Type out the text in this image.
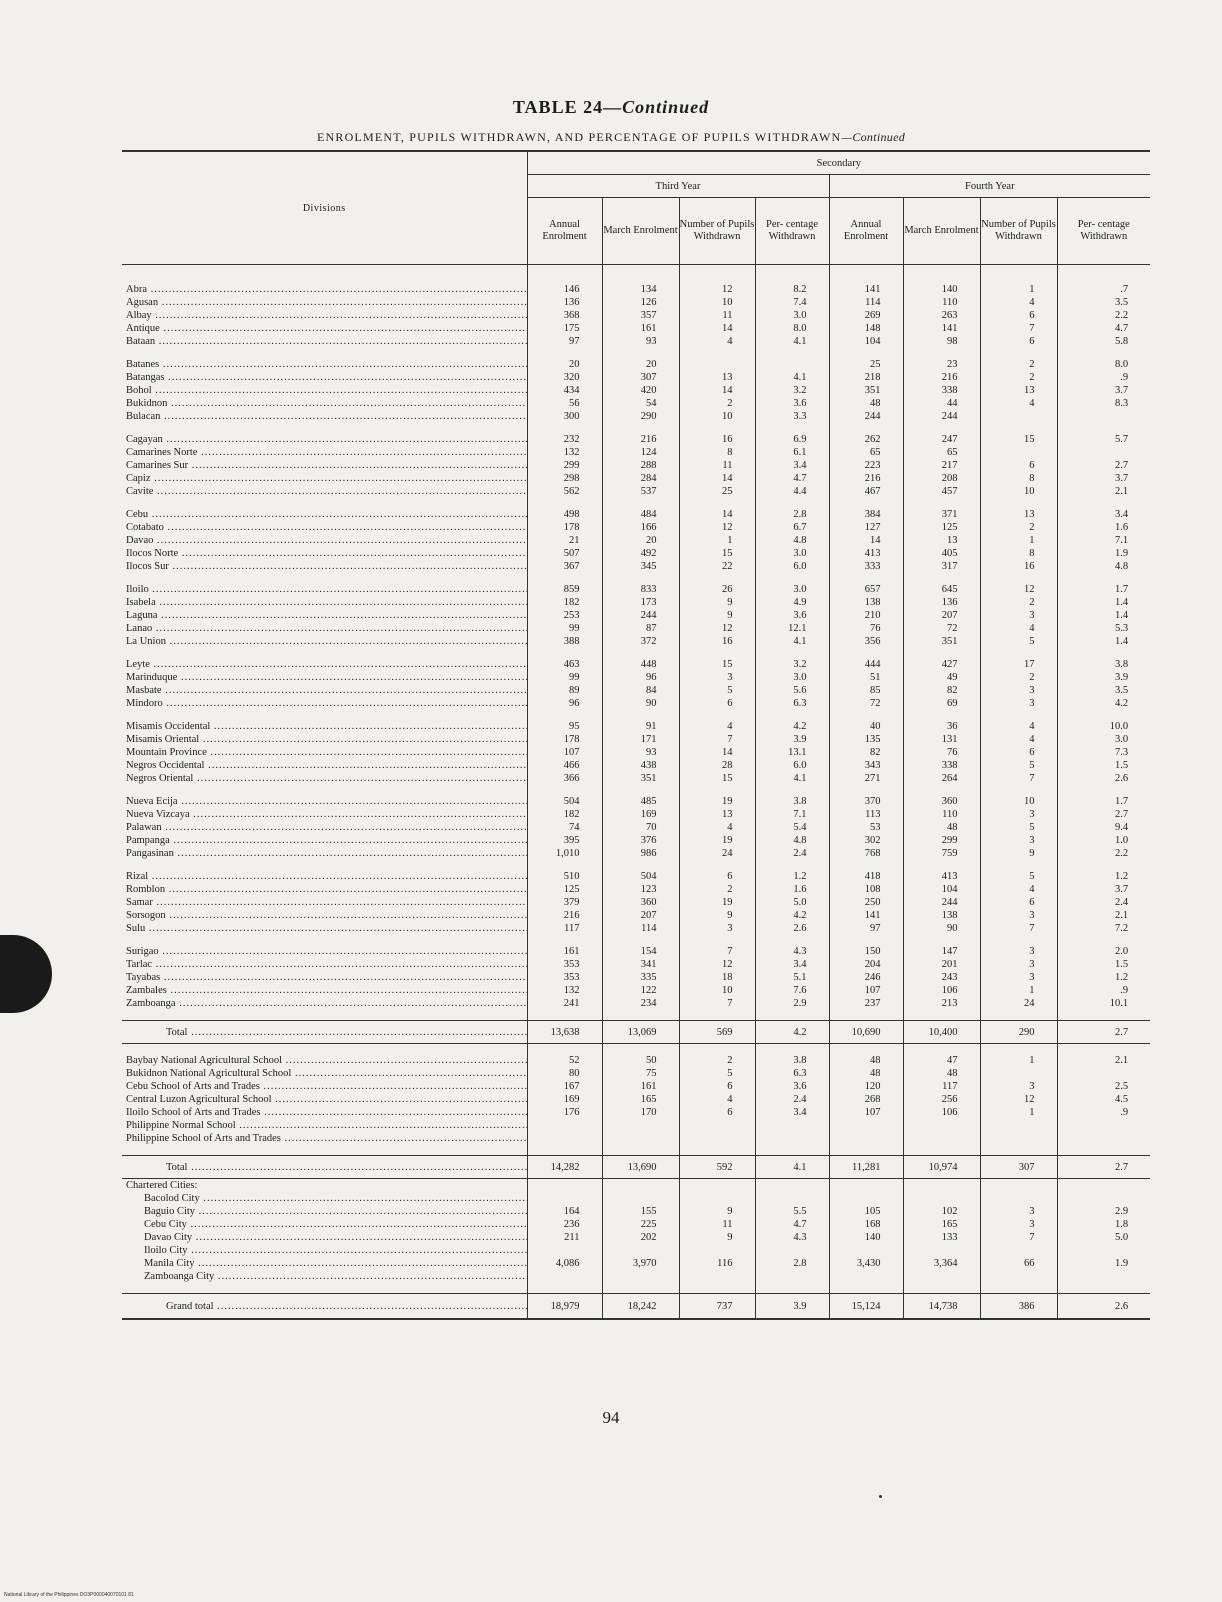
TABLE 24—Continued
ENROLMENT, PUPILS WITHDRAWN, AND PERCENTAGE OF PUPILS WITHDRAWN—Continued
Divisions	Secondary							
	Third Year				Fourth Year			
	Annual Enrolment	March Enrolment	Number of Pupils Withdrawn	Per- centage Withdrawn	Annual Enrolment	March Enrolment	Number of Pupils Withdrawn	Per- centage Withdrawn

Abra .....	146	134	12	8.2	141	140	1	.7
Agusan .....	136	126	10	7.4	114	110	4	3.5
Albay .....	368	357	11	3.0	269	263	6	2.2
Antique .....	175	161	14	8.0	148	141	7	4.7
Bataan .....	97	93	4	4.1	104	98	6	5.8

Batanes .....	20	20			25	23	2	8.0
Batangas .....	320	307	13	4.1	218	216	2	.9
Bohol .....	434	420	14	3.2	351	338	13	3.7
Bukidnon .....	56	54	2	3.6	48	44	4	8.3
Bulacan .....	300	290	10	3.3	244	244		

Cagayan .....	232	216	16	6.9	262	247	15	5.7
Camarines Norte .....	132	124	8	6.1	65	65		
Camarines Sur .....	299	288	11	3.4	223	217	6	2.7
Capiz .....	298	284	14	4.7	216	208	8	3.7
Cavite .....	562	537	25	4.4	467	457	10	2.1

Cebu .....	498	484	14	2.8	384	371	13	3.4
Cotabato .....	178	166	12	6.7	127	125	2	1.6
Davao .....	21	20	1	4.8	14	13	1	7.1
Ilocos Norte .....	507	492	15	3.0	413	405	8	1.9
Ilocos Sur .....	367	345	22	6.0	333	317	16	4.8

Iloilo .....	859	833	26	3.0	657	645	12	1.7
Isabela .....	182	173	9	4.9	138	136	2	1.4
Laguna .....	253	244	9	3.6	210	207	3	1.4
Lanao .....	99	87	12	12.1	76	72	4	5.3
La Union .....	388	372	16	4.1	356	351	5	1.4

Leyte .....	463	448	15	3.2	444	427	17	3.8
Marinduque .....	99	96	3	3.0	51	49	2	3.9
Masbate .....	89	84	5	5.6	85	82	3	3.5
Mindoro .....	96	90	6	6.3	72	69	3	4.2

Misamis Occidental .....	95	91	4	4.2	40	36	4	10.0
Misamis Oriental .....	178	171	7	3.9	135	131	4	3.0
Mountain Province .....	107	93	14	13.1	82	76	6	7.3
Negros Occidental .....	466	438	28	6.0	343	338	5	1.5
Negros Oriental .....	366	351	15	4.1	271	264	7	2.6

Nueva Ecija .....	504	485	19	3.8	370	360	10	1.7
Nueva Vizcaya .....	182	169	13	7.1	113	110	3	2.7
Palawan .....	74	70	4	5.4	53	48	5	9.4
Pampanga .....	395	376	19	4.8	302	299	3	1.0
Pangasinan .....	1,010	986	24	2.4	768	759	9	2.2

Rizal .....	510	504	6	1.2	418	413	5	1.2
Romblon .....	125	123	2	1.6	108	104	4	3.7
Samar .....	379	360	19	5.0	250	244	6	2.4
Sorsogon .....	216	207	9	4.2	141	138	3	2.1
Sulu .....	117	114	3	2.6	97	90	7	7.2

Surigao .....	161	154	7	4.3	150	147	3	2.0
Tarlac .....	353	341	12	3.4	204	201	3	1.5
Tayabas .....	353	335	18	5.1	246	243	3	1.2
Zambales .....	132	122	10	7.6	107	106	1	.9
Zamboanga .....	241	234	7	2.9	237	213	24	10.1

Total .....	13,638	13,069	569	4.2	10,690	10,400	290	2.7

Baybay National Agricultural School .....	52	50	2	3.8	48	47	1	2.1
Bukidnon National Agricultural School .....	80	75	5	6.3	48	48		
Cebu School of Arts and Trades .....	167	161	6	3.6	120	117	3	2.5
Central Luzon Agricultural School .....	169	165	4	2.4	268	256	12	4.5
Iloilo School of Arts and Trades .....	176	170	6	3.4	107	106	1	.9
Philippine Normal School .....								
Philippine School of Arts and Trades .....								

Total .....	14,282	13,690	592	4.1	11,281	10,974	307	2.7
Chartered Cities:								
Bacolod City .....								
Baguio City .....	164	155	9	5.5	105	102	3	2.9
Cebu City .....	236	225	11	4.7	168	165	3	1.8
Davao City .....	211	202	9	4.3	140	133	7	5.0
Iloilo City .....								
Manila City .....	4,086	3,970	116	2.8	3,430	3,364	66	1.9
Zamboanga City .....								

Grand total .....	18,979	18,242	737	3.9	15,124	14,738	386	2.6
94
National Library of the Philippines DO3P000040070101 81
